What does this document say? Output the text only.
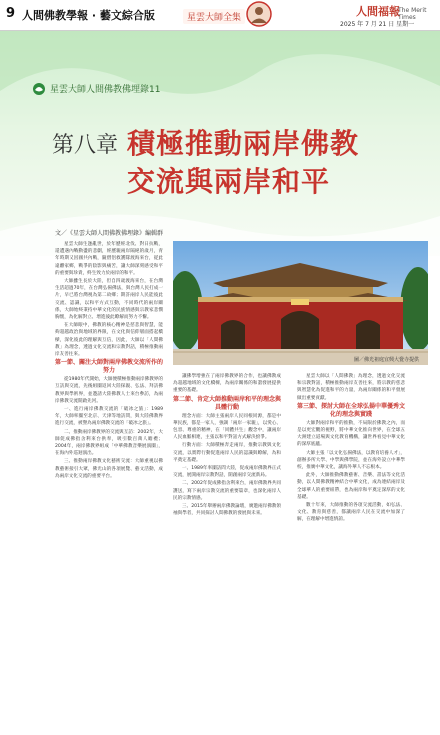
9 人間佛教學報 · 藝文綜合版	星雲大師全集	人間福報
The Merit Times
2025 年 7 月 21 日 星期一
星雲大師人間佛教佛埋錄11
第八章 積極推動兩岸佛教
交流與兩岸和平
文／《星雲大師人間佛教佛埋錄》編輯群
圖／佛光祖庭宜興大覺寺提供

星雲大師生逢亂世，於年歷經北伐、對日抗戰，還遭遇內戰動盪的悲劇，經歷親兩岸隔絕的歲月，青年時期又因國共內戰，隨僧侶救護隊渡海來台，從此遠離家鄉，戰爭的陰影與痛苦，讓大師深刻感受和平的重要與珍貴，終生致力於兩岸的和平。

大師雖生長於大陸，但自四歲渡海來台，在台灣生活超過70年，在台灣弘揚佛法，與台灣人民打成一片，早已將台灣視為第二故鄉；期許兩岸人民能彼此交流、認識，以和平方式互動，不同時代的兩岸關係，大師始終秉持中華文化的民族情感與宗教家悲憫胸懷，為化解對立、增進彼此瞭解而努力不懈。

在大師眼中，佛教的核心精神是慈悲與智慧，能夠超越政治與地域的界限，在文化與信仰層面搭起橋樑，深化彼此的理解與互信，因此，大師以「人間佛教」為理念，透過文化交流和宗教對話，積極推動兩岸友善往來。

第一節、關注大師對兩岸佛教交流所作的努力

從1980年代開始，大師便積極推動兩岸佛教界的互訪與交流，先後組團返回大陸探親、弘法、拜訪佛教界與學術界，並邀請大陸佛教人士來台參訪，為兩岸佛教交流開啟先河。

一、進行兩岸佛教交流的「破冰之旅」：1989年，大師率團至北京、天津等地訪問，與大陸佛教界進行交流，被譽為兩岸佛教交流的「破冰之旅」。

二、推動兩岸佛教界的交流與互訪：2002年，大師促成佛指舍利來台供奉，吸引數百萬人瞻禮；2004年，兩岸佛教界組成「中華佛教音樂展演團」，在海內外巡迴演出。

三、推動兩岸佛教文化藝術交流：大師重視以佛教藝術接引大眾，佛光山的各項展覽、藝文活動，成為兩岸文化交流的重要平台。

讓佛學增強在了兩岸佛教界的合作，也讓佛教成為超越地域的文化橋樑，為兩岸關係的和諧發展提供重要的基礎。

第二節、肯定大師推動兩岸和平的理念與具體行動

理念方面：大師主張兩岸人民同根同源，都是中華民族，都是一家人，強調「兩岸一家親」，以愛心、包容、尊重的精神，在「同體共生」觀念中，讓兩岸人民血脈相連，主張以和平對話方式解決紛爭。

行動方面：大師積極奔走兩岸，推動宗教與文化交流，以實際行動促進兩岸人民的認識與瞭解，為和平奠定基礎。

一、1989年率團訪問大陸，促成兩岸佛教界正式交流，展開兩岸宗教對話，開創兩岸交流新局。

二、2002年促成佛指舍利來台，兩岸佛教界共同護送，寫下兩岸宗教交流的重要篇章，也深化兩岸人民的宗教情感。

三、2015年舉辦兩岸佛教論壇，廣邀兩岸佛教領袖與學者，共同探討人間佛教的發展與未來。

星雲大師以「人間佛教」為理念，透過文化交流和宗教對話，積極推動兩岸友善往來，將宗教的慈悲與智慧化為促進和平的力量，為兩岸關係的和平發展做出重要貢獻。

第三節、探討大師在全球弘揚中華優秀文化的理念與實踐

大師對兩岸和平的推動，不局限於佛教之內，而是以更宏觀的視野，將中華文化推向世界，在全球五大洲建立道場與文化教育機構，讓世界看見中華文化的深厚底蘊。

大師主張「以文化弘揚佛法，以教育培養人才」，創辦多所大學、中學與佛學院，並在海外設立中華學校，推廣中華文化，讓海外華人不忘根本。

此外，大師推動佛教藝術、音樂、書法等文化活動，以人間佛教精神結合中華文化，成為連結兩岸及全球華人的重要紐帶，也為兩岸和平奠定深厚的文化基礎。

數十年來，大師推動的各項交流活動，如弘法、文化、教育與慈善，都讓兩岸人民在交流中加深了解，在理解中增進情誼。
